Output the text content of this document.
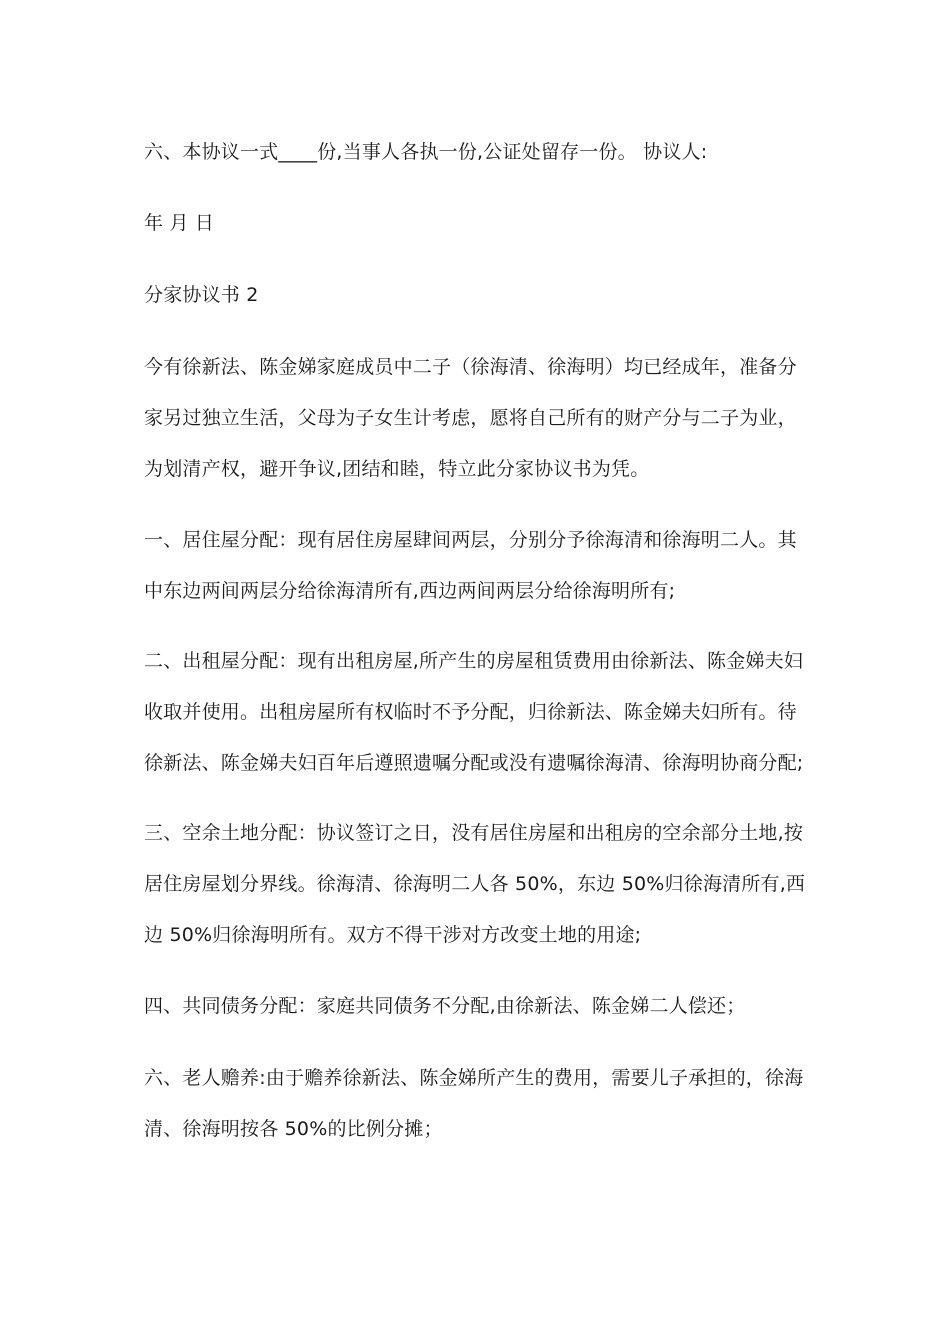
六、本协议一式____份,当事人各执一份,公证处留存一份。 协议人:
年 月 日
分家协议书 2
今有徐新法、陈金娣家庭成员中二子（徐海清、徐海明）均已经成年，准备分
家另过独立生活，父母为子女生计考虑，愿将自己所有的财产分与二子为业，
为划清产权，避开争议,团结和睦，特立此分家协议书为凭。
一、居住屋分配：现有居住房屋肆间两层，分别分予徐海清和徐海明二人。其
中东边两间两层分给徐海清所有,西边两间两层分给徐海明所有;
二、出租屋分配：现有出租房屋,所产生的房屋租赁费用由徐新法、陈金娣夫妇
收取并使用。出租房屋所有权临时不予分配，归徐新法、陈金娣夫妇所有。待
徐新法、陈金娣夫妇百年后遵照遗嘱分配或没有遗嘱徐海清、徐海明协商分配;
三、空余土地分配：协议签订之日，没有居住房屋和出租房的空余部分土地,按
居住房屋划分界线。徐海清、徐海明二人各 50%，东边 50%归徐海清所有,西
边 50%归徐海明所有。双方不得干涉对方改变土地的用途;
四、共同债务分配：家庭共同债务不分配,由徐新法、陈金娣二人偿还；
六、老人赡养:由于赡养徐新法、陈金娣所产生的费用，需要儿子承担的，徐海
清、徐海明按各 50%的比例分摊；
